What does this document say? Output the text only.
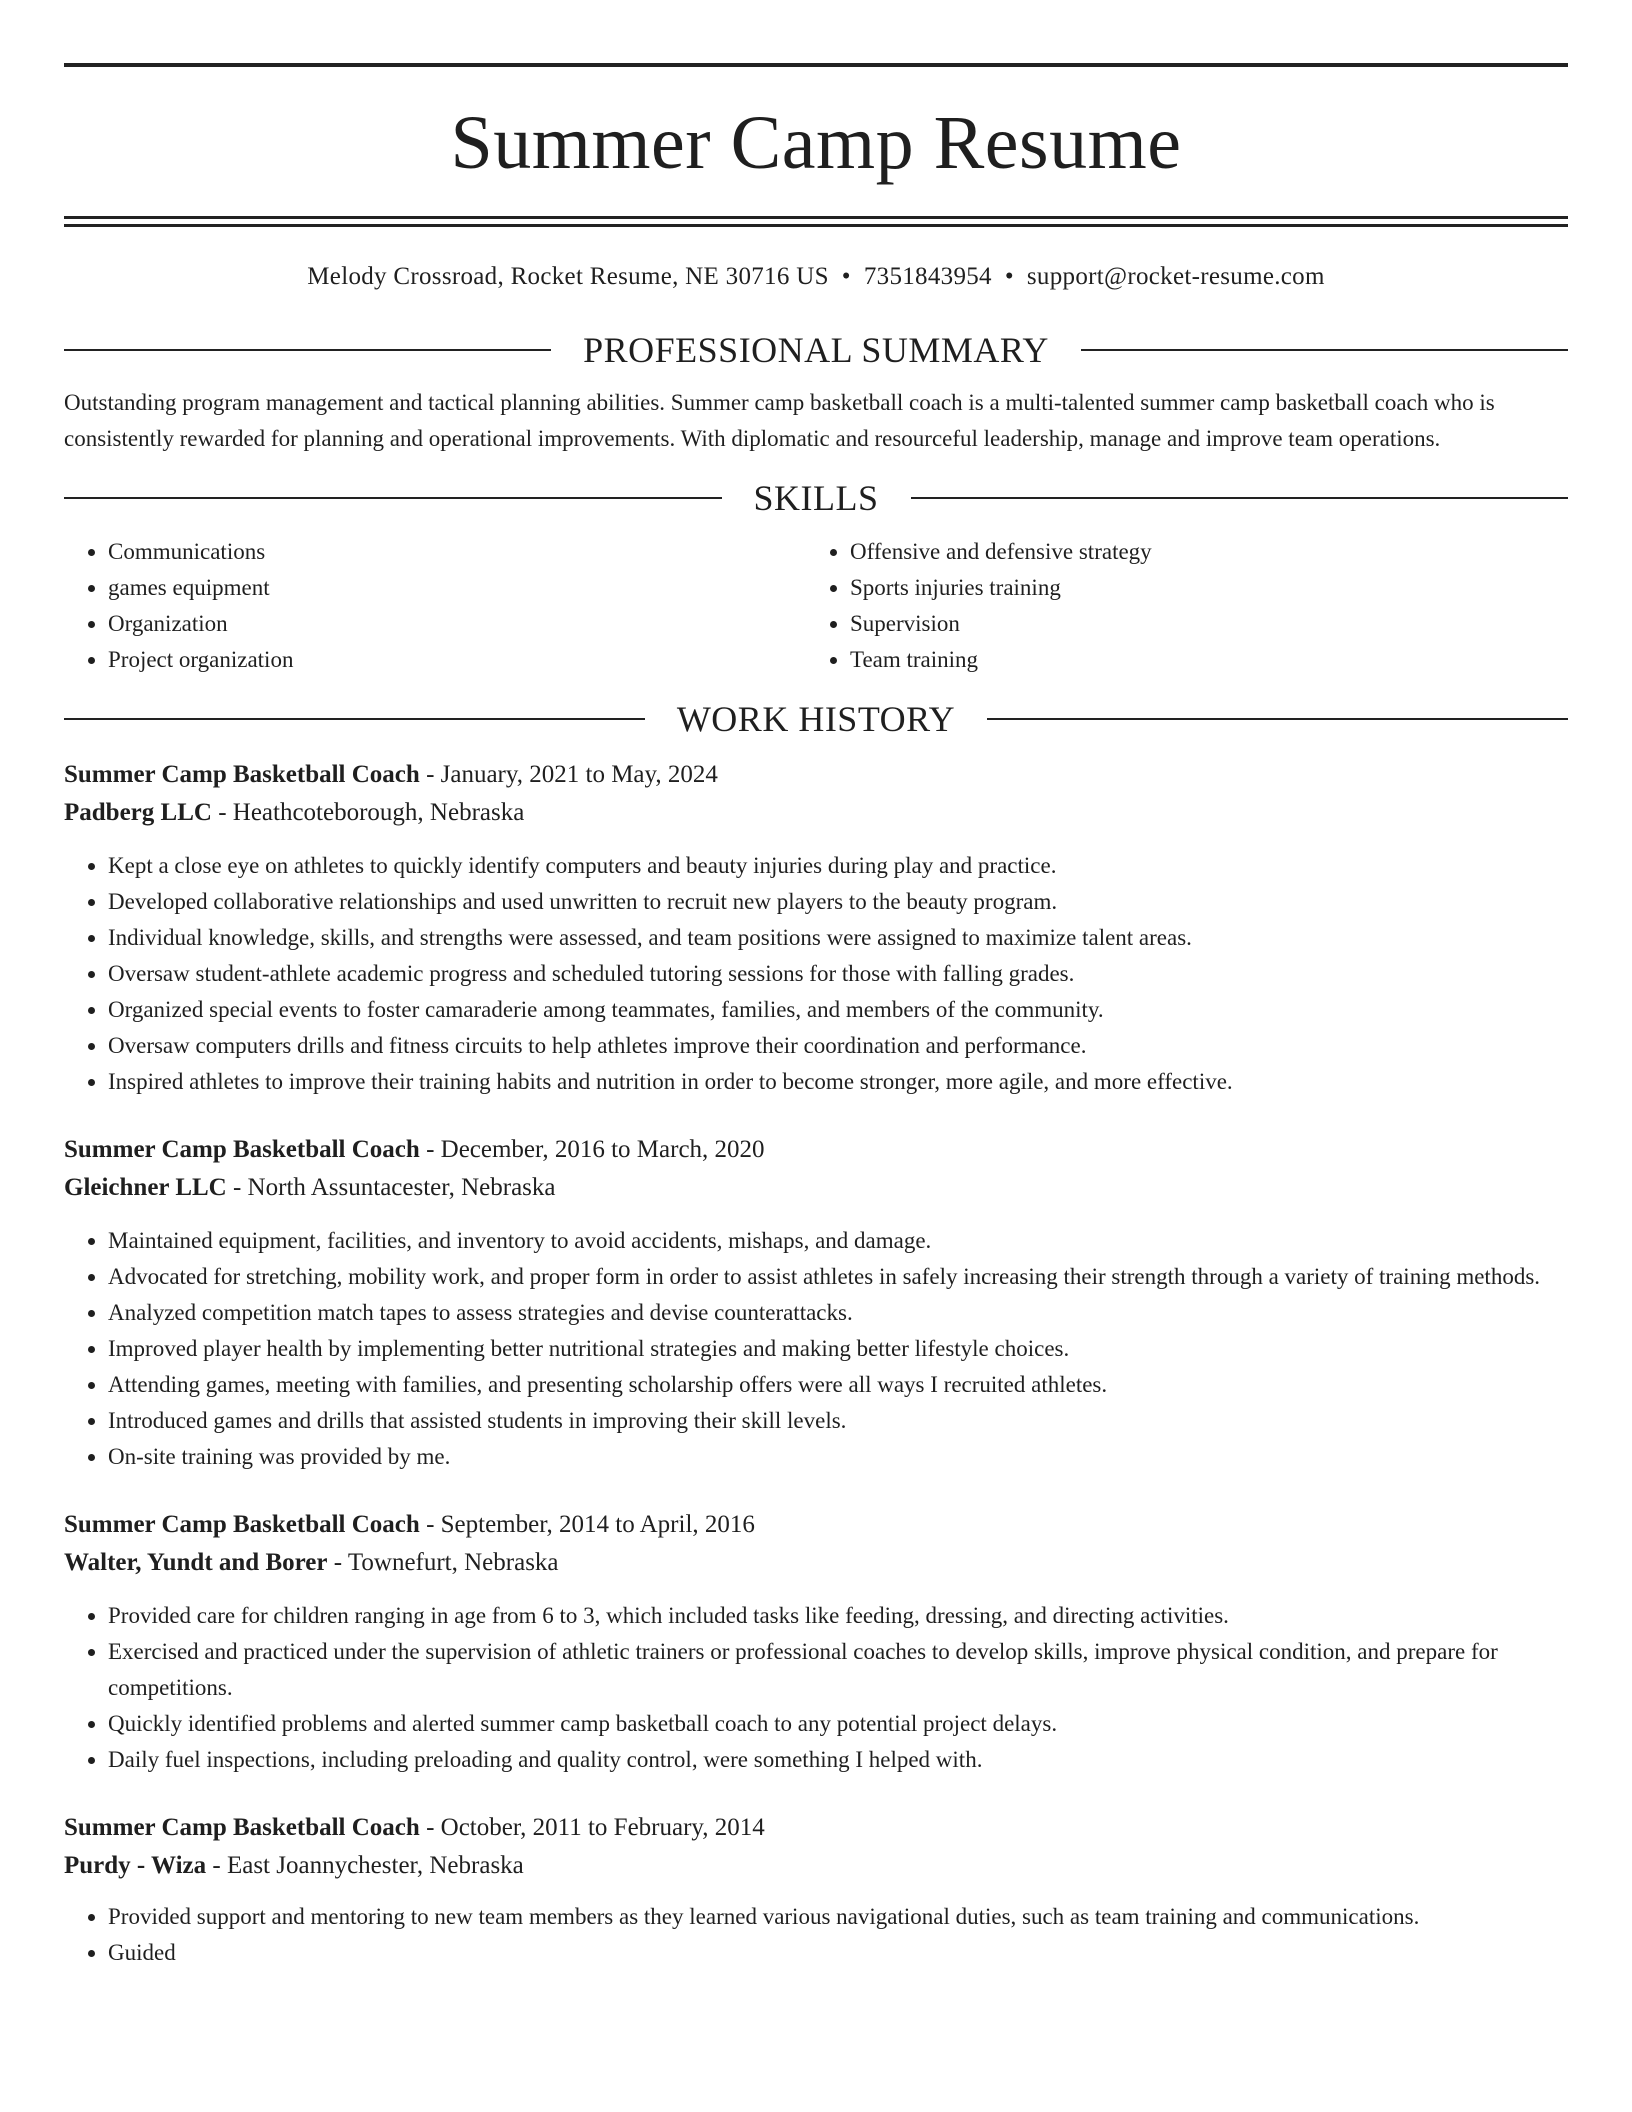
Summer Camp Resume
Melody Crossroad, Rocket Resume, NE 30716 US • 7351843954 • support@rocket-resume.com
PROFESSIONAL SUMMARY

Outstanding program management and tactical planning abilities. Summer camp basketball coach is a multi-talented summer camp basketball coach who is consistently rewarded for planning and operational improvements. With diplomatic and resourceful leadership, manage and improve team operations.

SKILLS
• Communications
• games equipment
• Organization
• Project organization
• Offensive and defensive strategy
• Sports injuries training
• Supervision
• Team training
WORK HISTORY
Summer Camp Basketball Coach - January, 2021 to May, 2024
Padberg LLC - Heathcoteborough, Nebraska
• Kept a close eye on athletes to quickly identify computers and beauty injuries during play and practice.
• Developed collaborative relationships and used unwritten to recruit new players to the beauty program.
• Individual knowledge, skills, and strengths were assessed, and team positions were assigned to maximize talent areas.
• Oversaw student-athlete academic progress and scheduled tutoring sessions for those with falling grades.
• Organized special events to foster camaraderie among teammates, families, and members of the community.
• Oversaw computers drills and fitness circuits to help athletes improve their coordination and performance.
• Inspired athletes to improve their training habits and nutrition in order to become stronger, more agile, and more effective.
Summer Camp Basketball Coach - December, 2016 to March, 2020
Gleichner LLC - North Assuntacester, Nebraska
• Maintained equipment, facilities, and inventory to avoid accidents, mishaps, and damage.
• Advocated for stretching, mobility work, and proper form in order to assist athletes in safely increasing their strength through a variety of training methods.
• Analyzed competition match tapes to assess strategies and devise counterattacks.
• Improved player health by implementing better nutritional strategies and making better lifestyle choices.
• Attending games, meeting with families, and presenting scholarship offers were all ways I recruited athletes.
• Introduced games and drills that assisted students in improving their skill levels.
• On-site training was provided by me.
Summer Camp Basketball Coach - September, 2014 to April, 2016
Walter, Yundt and Borer - Townefurt, Nebraska
• Provided care for children ranging in age from 6 to 3, which included tasks like feeding, dressing, and directing activities.
• Exercised and practiced under the supervision of athletic trainers or professional coaches to develop skills, improve physical condition, and prepare for competitions.
• Quickly identified problems and alerted summer camp basketball coach to any potential project delays.
• Daily fuel inspections, including preloading and quality control, were something I helped with.
Summer Camp Basketball Coach - October, 2011 to February, 2014
Purdy - Wiza - East Joannychester, Nebraska
• Provided support and mentoring to new team members as they learned various navigational duties, such as team training and communications.
• Guided
